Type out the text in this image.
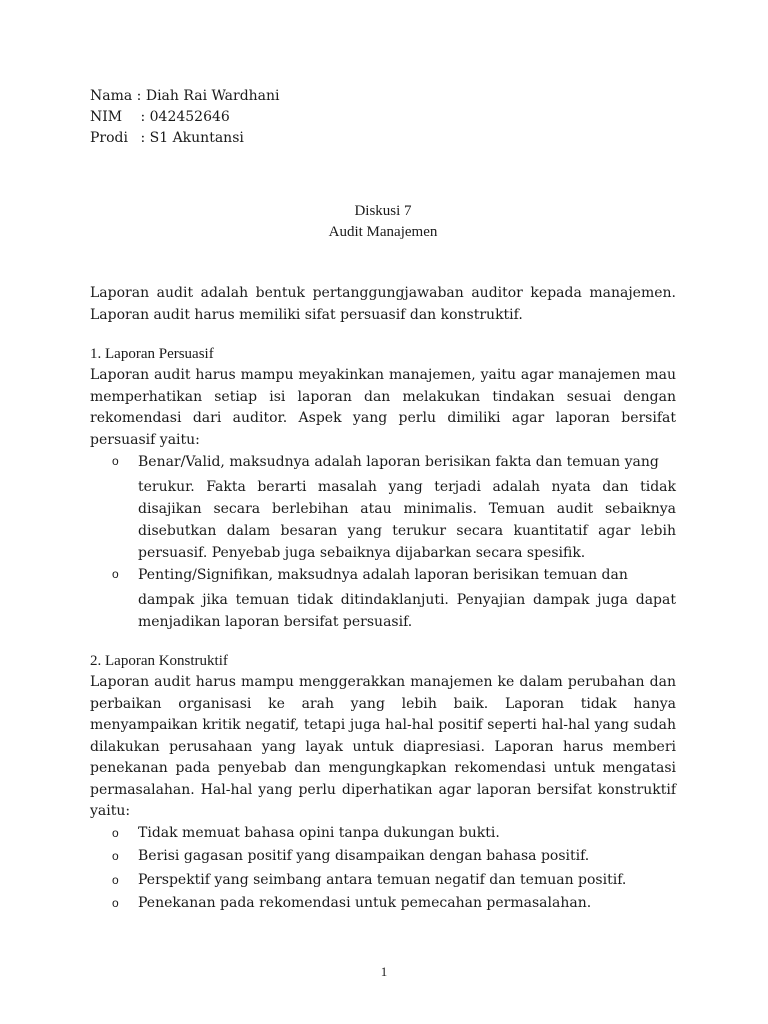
Nama : Diah Rai Wardhani
NIM : 042452646
Prodi : S1 Akuntansi
Diskusi 7
Audit Manajemen

Laporan audit adalah bentuk pertanggungjawaban auditor kepada manajemen. Laporan audit harus memiliki sifat persuasif dan konstruktif.

1. Laporan Persuasif

Laporan audit harus mampu meyakinkan manajemen, yaitu agar manajemen mau memperhatikan setiap isi laporan dan melakukan tindakan sesuai dengan rekomendasi dari auditor. Aspek yang perlu dimiliki agar laporan bersifat persuasif yaitu:

o Benar/Valid, maksudnya adalah laporan berisikan fakta dan temuan yang
terukur. Fakta berarti masalah yang terjadi adalah nyata dan tidak disajikan secara berlebihan atau minimalis. Temuan audit sebaiknya disebutkan dalam besaran yang terukur secara kuantitatif agar lebih persuasif. Penyebab juga sebaiknya dijabarkan secara spesifik.
o Penting/Signifikan, maksudnya adalah laporan berisikan temuan dan
dampak jika temuan tidak ditindaklanjuti. Penyajian dampak juga dapat menjadikan laporan bersifat persuasif.
2. Laporan Konstruktif

Laporan audit harus mampu menggerakkan manajemen ke dalam perubahan dan perbaikan organisasi ke arah yang lebih baik. Laporan tidak hanya menyampaikan kritik negatif, tetapi juga hal-hal positif seperti hal-hal yang sudah dilakukan perusahaan yang layak untuk diapresiasi. Laporan harus memberi penekanan pada penyebab dan mengungkapkan rekomendasi untuk mengatasi permasalahan. Hal-hal yang perlu diperhatikan agar laporan bersifat konstruktif yaitu:

o Tidak memuat bahasa opini tanpa dukungan bukti.
o Berisi gagasan positif yang disampaikan dengan bahasa positif.
o Perspektif yang seimbang antara temuan negatif dan temuan positif.
o Penekanan pada rekomendasi untuk pemecahan permasalahan.
1
